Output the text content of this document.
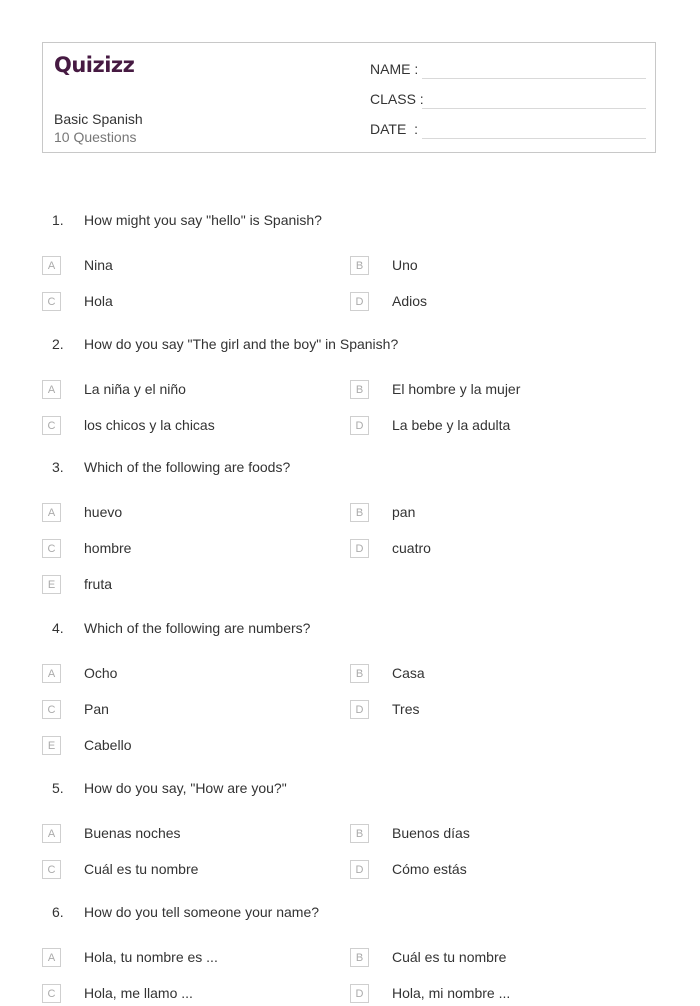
Quizizz
Basic Spanish
10 Questions
NAME :
CLASS :
DATE  :
1.	How might you say "hello" is Spanish?
A	Nina	B	Uno
C	Hola	D	Adios
2.	How do you say "The girl and the boy" in Spanish?
A	La niña y el niño	B	El hombre y la mujer
C	los chicos y la chicas	D	La bebe y la adulta
3.	Which of the following are foods?
A	huevo	B	pan
C	hombre	D	cuatro
E	fruta
4.	Which of the following are numbers?
A	Ocho	B	Casa
C	Pan	D	Tres
E	Cabello
5.	How do you say, "How are you?"
A	Buenas noches	B	Buenos días
C	Cuál es tu nombre	D	Cómo estás
6.	How do you tell someone your name?
A	Hola, tu nombre es ...	B	Cuál es tu nombre
C	Hola, me llamo ...	D	Hola, mi nombre ...
